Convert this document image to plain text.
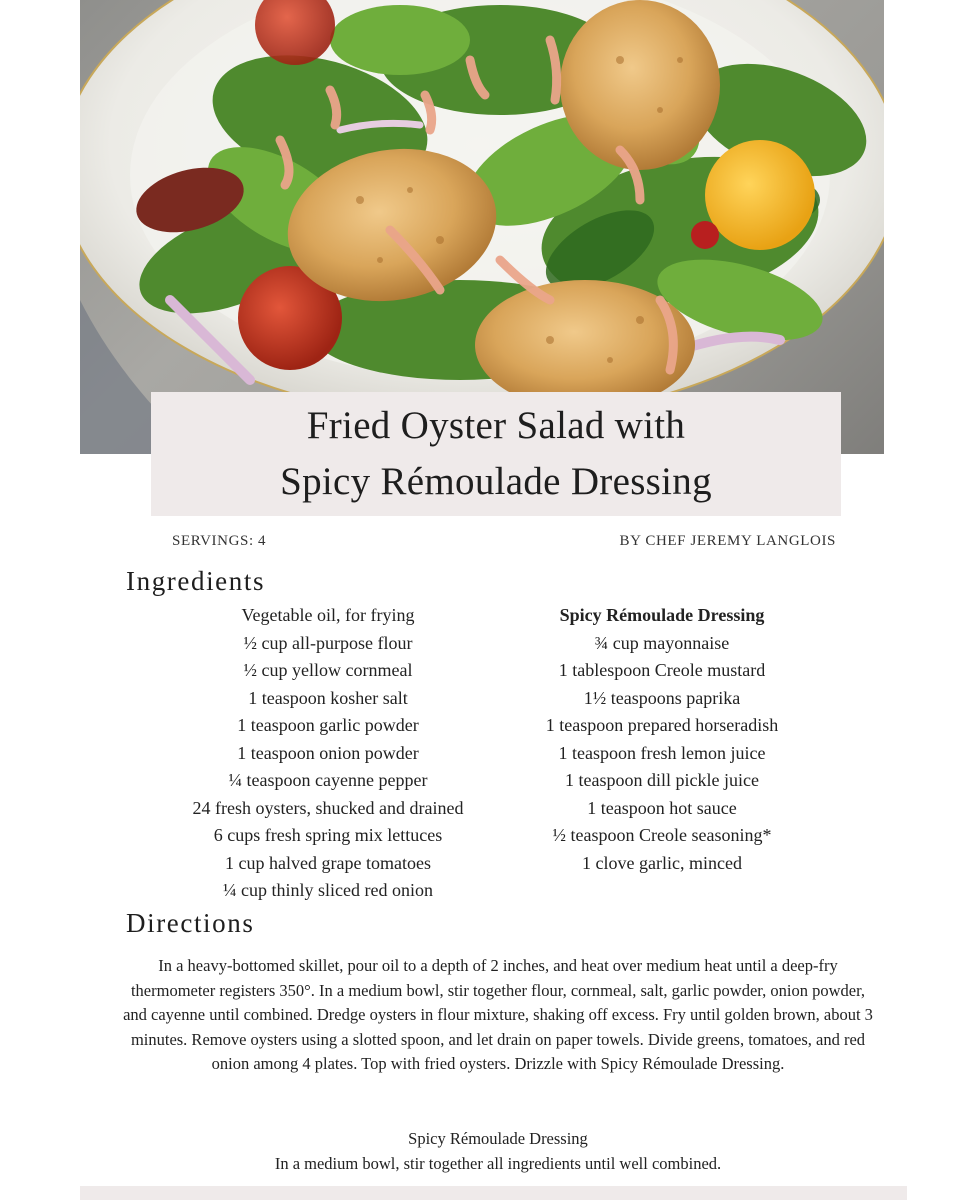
Fried Oyster Salad with
Spicy Rémoulade Dressing
SERVINGS: 4	BY CHEF JEREMY LANGLOIS
Ingredients
Vegetable oil, for frying
½ cup all-purpose flour
½ cup yellow cornmeal
1 teaspoon kosher salt
1 teaspoon garlic powder
1 teaspoon onion powder
¼ teaspoon cayenne pepper
24 fresh oysters, shucked and drained
6 cups fresh spring mix lettuces
1 cup halved grape tomatoes
¼ cup thinly sliced red onion
Spicy Rémoulade Dressing
¾ cup mayonnaise
1 tablespoon Creole mustard
1½ teaspoons paprika
1 teaspoon prepared horseradish
1 teaspoon fresh lemon juice
1 teaspoon dill pickle juice
1 teaspoon hot sauce
½ teaspoon Creole seasoning*
1 clove garlic, minced
Directions

In a heavy-bottomed skillet, pour oil to a depth of 2 inches, and heat over medium heat until a deep-fry thermometer registers 350°. In a medium bowl, stir together flour, cornmeal, salt, garlic powder, onion powder, and cayenne until combined. Dredge oysters in flour mixture, shaking off excess. Fry until golden brown, about 3 minutes. Remove oysters using a slotted spoon, and let drain on paper towels. Divide greens, tomatoes, and red onion among 4 plates. Top with fried oysters. Drizzle with Spicy Rémoulade Dressing.

Spicy Rémoulade Dressing
In a medium bowl, stir together all ingredients until well combined.
